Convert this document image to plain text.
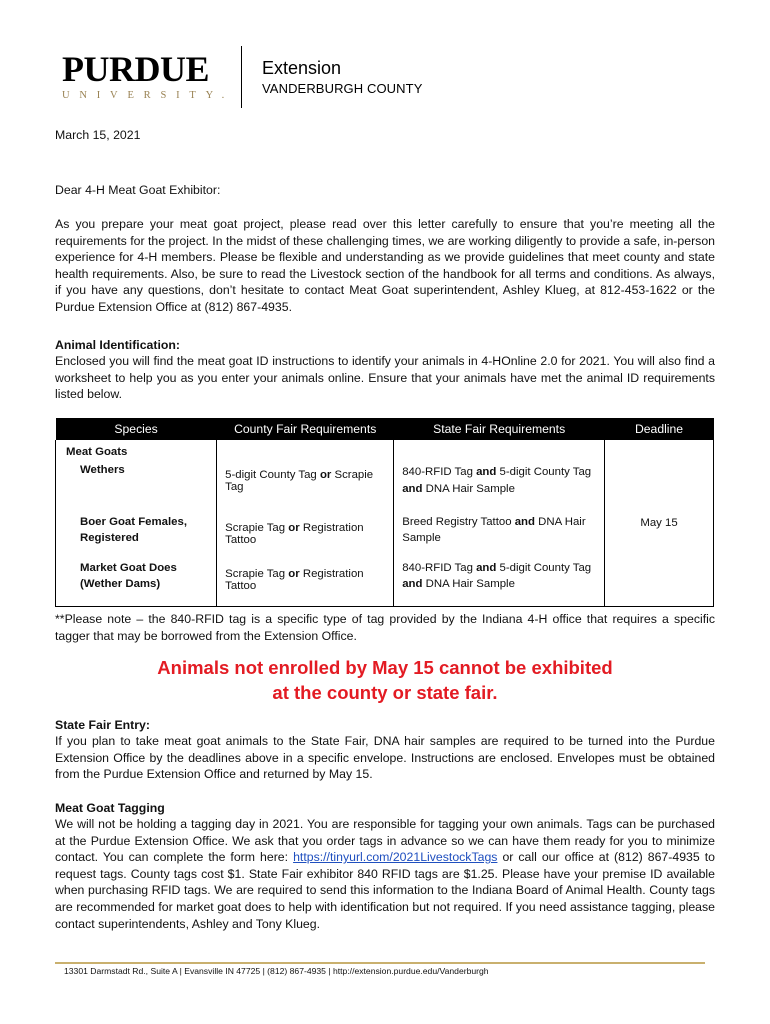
PURDUE
UNIVERSITY.
Extension
VANDERBURGH COUNTY
March 15, 2021
Dear 4-H Meat Goat Exhibitor:
As you prepare your meat goat project, please read over this letter carefully to ensure that you’re meeting all the requirements for the project. In the midst of these challenging times, we are working diligently to provide a safe, in-person experience for 4-H members. Please be flexible and understanding as we provide guidelines that meet county and state health requirements. Also, be sure to read the Livestock section of the handbook for all terms and conditions. As always, if you have any questions, don’t hesitate to contact Meat Goat superintendent, Ashley Klueg, at 812-453-1622 or the Purdue Extension Office at (812) 867-4935.
Animal Identification:
Enclosed you will find the meat goat ID instructions to identify your animals in 4-HOnline 2.0 for 2021. You will also find a worksheet to help you as you enter your animals online. Ensure that your animals have met the animal ID requirements listed below.
Species	County Fair Requirements	State Fair Requirements	Deadline
Meat Goats			May 15
Wethers	5-digit County Tag or Scrapie Tag	840-RFID Tag and 5-digit County Tag and DNA Hair Sample	
Boer Goat Females, Registered	Scrapie Tag or Registration Tattoo	Breed Registry Tattoo and DNA Hair Sample	
Market Goat Does (Wether Dams)	Scrapie Tag or Registration Tattoo	840-RFID Tag and 5-digit County Tag and DNA Hair Sample	
**Please note – the 840-RFID tag is a specific type of tag provided by the Indiana 4-H office that requires a specific tagger that may be borrowed from the Extension Office.
Animals not enrolled by May 15 cannot be exhibited
at the county or state fair.
State Fair Entry:
If you plan to take meat goat animals to the State Fair, DNA hair samples are required to be turned into the Purdue Extension Office by the deadlines above in a specific envelope. Instructions are enclosed. Envelopes must be obtained from the Purdue Extension Office and returned by May 15.
Meat Goat Tagging
We will not be holding a tagging day in 2021. You are responsible for tagging your own animals. Tags can be purchased at the Purdue Extension Office. We ask that you order tags in advance so we can have them ready for you to minimize contact. You can complete the form here: https://tinyurl.com/2021LivestockTags or call our office at (812) 867-4935 to request tags. County tags cost $1. State Fair exhibitor 840 RFID tags are $1.25. Please have your premise ID available when purchasing RFID tags. We are required to send this information to the Indiana Board of Animal Health. County tags are recommended for market goat does to help with identification but not required. If you need assistance tagging, please contact superintendents, Ashley and Tony Klueg.
13301 Darmstadt Rd., Suite A | Evansville IN 47725 | (812) 867-4935 | http://extension.purdue.edu/Vanderburgh
